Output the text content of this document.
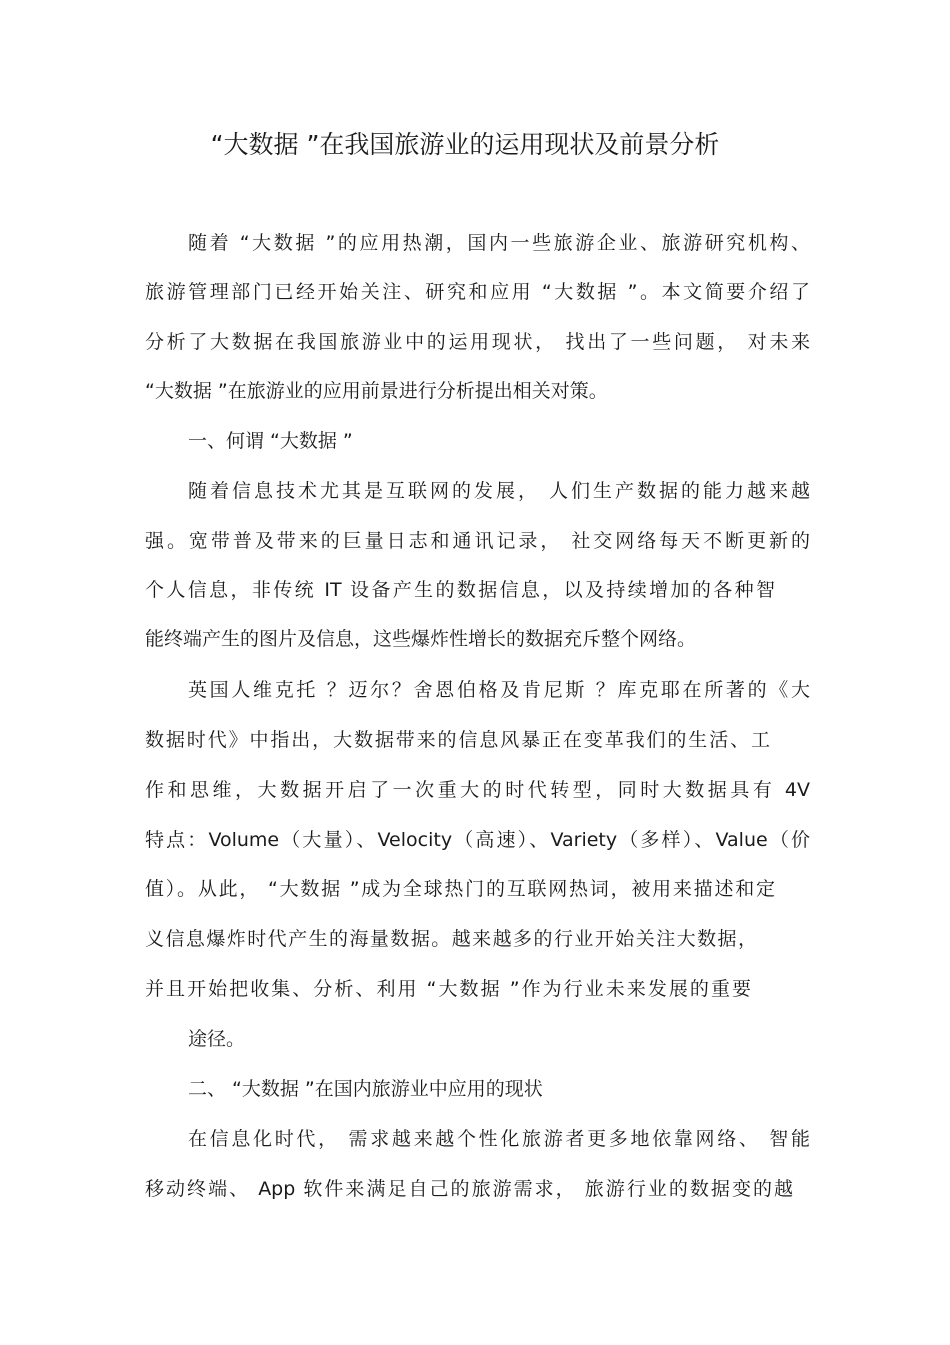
“大数据 ”在我国旅游业的运用现状及前景分析
随着 “大数据 ”的应用热潮，国内一些旅游企业、旅游研究机构、
旅游管理部门已经开始关注、研究和应用 “大数据 ”。本文简要介绍了
分析了大数据在我国旅游业中的运用现状， 找出了一些问题， 对未来
“大数据 ”在旅游业的应用前景进行分析提出相关对策。
一、何谓 “大数据 ”
随着信息技术尤其是互联网的发展， 人们生产数据的能力越来越
强。宽带普及带来的巨量日志和通讯记录， 社交网络每天不断更新的
个人信息，非传统 IT 设备产生的数据信息，以及持续增加的各种智
能终端产生的图片及信息，这些爆炸性增长的数据充斥整个网络。
英国人维克托 ？迈尔？舍恩伯格及肯尼斯 ？库克耶在所著的《大
数据时代》中指出，大数据带来的信息风暴正在变革我们的生活、工
作和思维，大数据开启了一次重大的时代转型，同时大数据具有 4V
特点：Volume（大量）、Velocity（高速）、Variety（多样）、Value（价
值）。从此， “大数据 ”成为全球热门的互联网热词，被用来描述和定
义信息爆炸时代产生的海量数据。越来越多的行业开始关注大数据，
并且开始把收集、分析、利用 “大数据 ”作为行业未来发展的重要
途径。
二、 “大数据 ”在国内旅游业中应用的现状
在信息化时代， 需求越来越个性化旅游者更多地依靠网络、 智能
移动终端、 App 软件来满足自己的旅游需求， 旅游行业的数据变的越
